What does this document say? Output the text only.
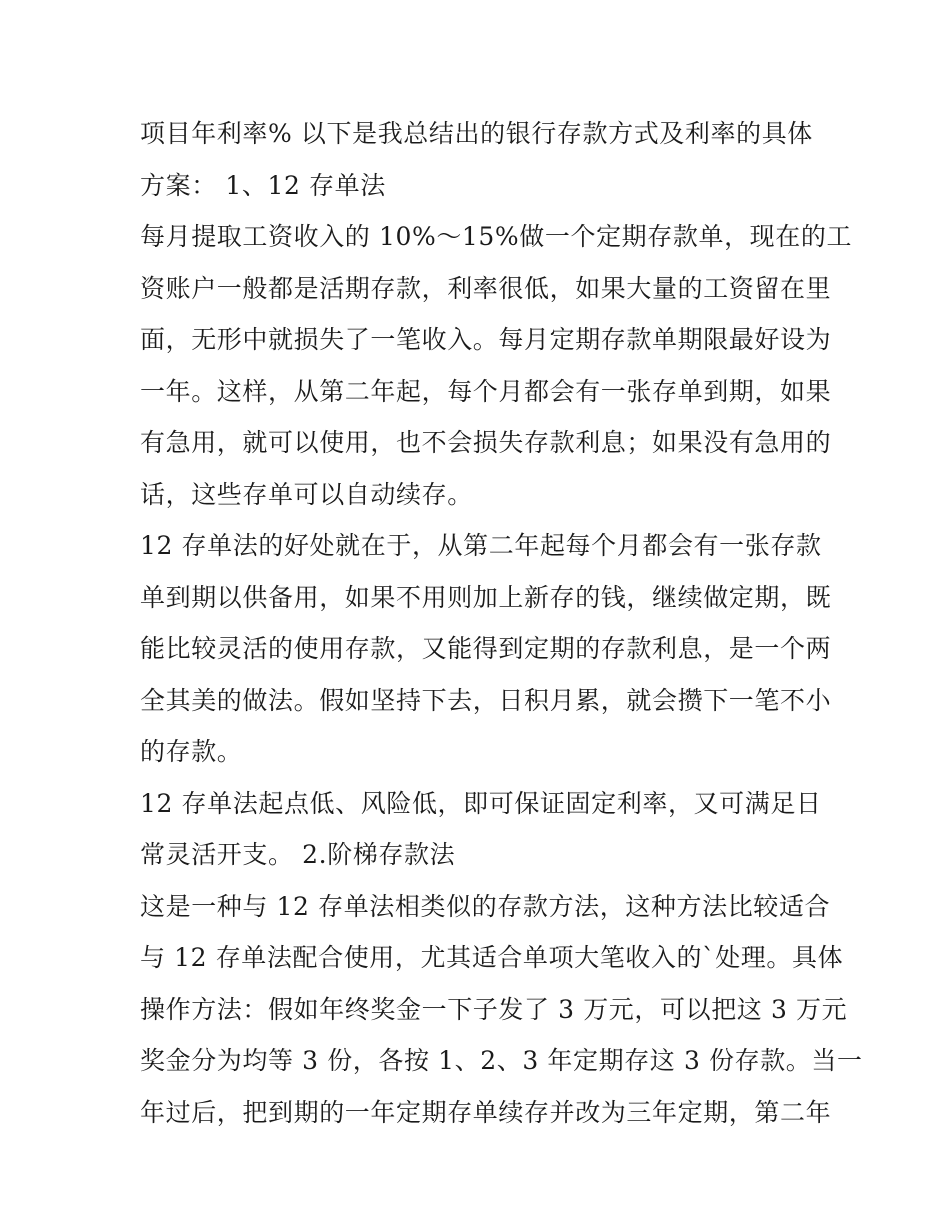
项目年利率% 以下是我总结出的银行存款方式及利率的具体
方案： 1、12 存单法
每月提取工资收入的 10%～15%做一个定期存款单，现在的工
资账户一般都是活期存款，利率很低，如果大量的工资留在里
面，无形中就损失了一笔收入。每月定期存款单期限最好设为
一年。这样，从第二年起，每个月都会有一张存单到期，如果
有急用，就可以使用，也不会损失存款利息；如果没有急用的
话，这些存单可以自动续存。
12 存单法的好处就在于，从第二年起每个月都会有一张存款
单到期以供备用，如果不用则加上新存的钱，继续做定期，既
能比较灵活的使用存款，又能得到定期的存款利息，是一个两
全其美的做法。假如坚持下去，日积月累，就会攒下一笔不小
的存款。
12 存单法起点低、风险低，即可保证固定利率，又可满足日
常灵活开支。 2.阶梯存款法
这是一种与 12 存单法相类似的存款方法，这种方法比较适合
与 12 存单法配合使用，尤其适合单项大笔收入的`处理。具体
操作方法：假如年终奖金一下子发了 3 万元，可以把这 3 万元
奖金分为均等 3 份，各按 1、2、3 年定期存这 3 份存款。当一
年过后，把到期的一年定期存单续存并改为三年定期，第二年
